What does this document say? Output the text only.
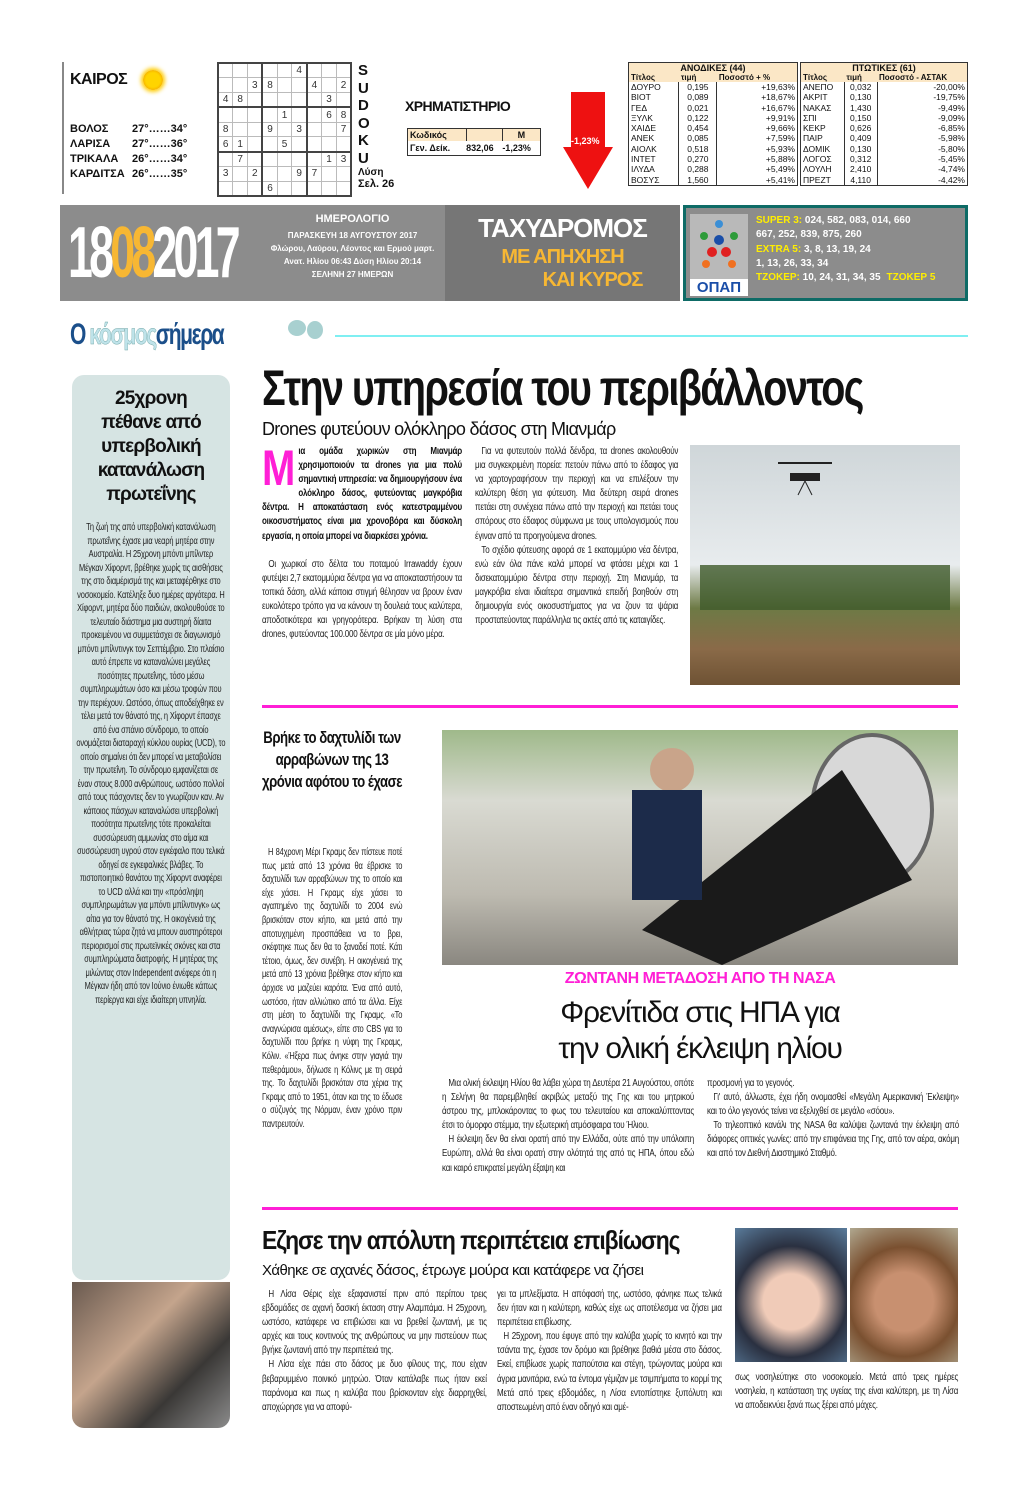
ΚΑΙΡΟΣ
ΒΟΛΟΣ	27°……34°
ΛΑΡΙΣΑ	27°……36°
ΤΡΙΚΑΛΑ	26°……34°
ΚΑΡΔΙΤΣΑ 26°……35°
					4			
		3	8			4		2
4	8						3	
				1			6	8
8			9		3			7
6	1			5				
	7						1	3
3		2			9	7		
			6					
S
U
D
O
K
U
Λύση
Σελ. 26
ΧΡΗΜΑΤΙΣΤΗΡΙΟ
Κωδικός		Μ
Γεν. Δείκ.	832,06	-1,23%
-1,23%
ΑΝΟΔΙΚΕΣ (44)		
Τίτλος	τιμή	Ποσοστό + %
ΔΟΥΡΟ	0,195	+19,63%
ΒΙΟΤ	0,089	+18,67%
ΓΕΔ	0,021	+16,67%
ΞΥΛΚ	0,122	+9,91%
ΧΑΙΔΕ	0,454	+9,66%
ΑΝΕΚ	0,085	+7,59%
ΑΙΟΛΚ	0,518	+5,93%
ΙΝΤΕΤ	0,270	+5,88%
ΙΛΥΔΑ	0,288	+5,49%
ΒΟΣΥΣ	1,560	+5,41%
ΠΤΩΤΙΚΕΣ (61)		
Τίτλος	τιμή	Ποσοστό - ΑΣΤΑΚ
ΑΝΕΠΟ	0,032	-20,00%
ΑΚΡΙΤ	0,130	-19,75%
ΝΑΚΑΣ	1,430	-9,49%
ΣΠΙ	0,150	-9,09%
ΚΕΚΡ	0,626	-6,85%
ΠΑΙΡ	0,409	-5,98%
ΔΟΜΙΚ	0,130	-5,80%
ΛΟΓΟΣ	0,312	-5,45%
ΛΟΥΛΗ	2,410	-4,74%
ΠΡΕΖΤ	4,110	-4,42%
18082017	ΗΜΕΡΟΛΟΓΙΟ
ΠΑΡΑΣΚΕΥΗ 18 ΑΥΓΟΥΣΤΟΥ 2017
Φλώρου, Λαύρου, Λέοντος και Ερμού μαρτ.
Ανατ. Ηλίου 06:43 Δύση Ηλίου 20:14
ΣΕΛΗΝΗ 27 ΗΜΕΡΩΝ
ΤΑΧΥΔΡΟΜΟΣ
ΜΕ ΑΠΗΧΗΣΗ
ΚΑΙ ΚΥΡΟΣ	ΟΠΑΠ
SUPER 3: 024, 582, 083, 014, 660
667, 252, 839, 875, 260
EXTRA 5: 3, 8, 13, 19, 24
1, 13, 26, 33, 34
ΤΖΟΚΕΡ: 10, 24, 31, 34, 35 ΤΖΟΚΕΡ 5
Ο κόσμοςσήμερα
25χρονη πέθανε από υπερβολική κατανάλωση πρωτεΐνης
Τη ζωή της από υπερβολική κατανάλωση πρωτεΐνης έχασε μια νεαρή μητέρα στην Αυστραλία. Η 25χρονη μπόντι μπίλντερ Μέγκαν Χίφορντ, βρέθηκε χωρίς τις αισθήσεις της στο διαμέρισμά της και μεταφέρθηκε στο νοσοκομείο. Κατέληξε δυο ημέρες αργότερα. Η Χίφορντ, μητέρα δύο παιδιών, ακολουθούσε το τελευταίο διάστημα μια αυστηρή δίαιτα προκειμένου να συμμετάσχει σε διαγωνισμό μπόντι μπίλντινγκ τον Σεπτέμβριο. Στο πλαίσιο αυτό έπρεπε να καταναλώνει μεγάλες ποσότητες πρωτεΐνης, τόσο μέσω συμπληρωμάτων όσο και μέσω τροφών που την περιέχουν. Ωστόσο, όπως αποδείχθηκε εν τέλει μετά τον θάνατό της, η Χίφορντ έπασχε από ένα σπάνιο σύνδρομο, το οποίο ονομάζεται διαταραχή κύκλου ουρίας (UCD), το οποίο σημαίνει ότι δεν μπορεί να μεταβολίσει την πρωτεΐνη. Το σύνδρομο εμφανίζεται σε έναν στους 8.000 ανθρώπους, ωστόσο πολλοί από τους πάσχοντες δεν το γνωρίζουν καν. Αν κάποιος πάσχων καταναλώσει υπερβολική ποσότητα πρωτεΐνης τότε προκαλείται συσσώρευση αμμωνίας στο αίμα και συσσώρευση υγρού στον εγκέφαλο που τελικά οδηγεί σε εγκεφαλικές βλάβες. Το πιστοποιητικό θανάτου της Χίφορντ αναφέρει το UCD αλλά και την «πρόσληψη συμπληρωμάτων για μπόντι μπίλντινγκ» ως αίτια για τον θάνατό της. Η οικογένειά της αθλήτριας τώρα ζητά να μπουν αυστηρότεροι περιορισμοί στις πρωτεϊνικές σκόνες και στα συμπληρώματα διατροφής. Η μητέρας της μιλώντας στον Independent ανέφερε ότι η Μέγκαν ήδη από τον Ιούνιο ένιωθε κάπως περίεργα και είχε ιδιαίτερη υπνηλία.
Στην υπηρεσία του περιβάλλοντος
Drones φυτεύουν ολόκληρο δάσος στη Μιανμάρ
Μια ομάδα χωρικών στη Μιανμάρ χρησιμοποιούν τα drones για μια πολύ σημαντική υπηρεσία: να δημιουργήσουν ένα ολόκληρο δάσος, φυτεύοντας μαγκρόβια δέντρα. Η αποκατάσταση ενός κατεστραμμένου οικοσυστήματος είναι μια χρονοβόρα και δύσκολη εργασία, η οποία μπορεί να διαρκέσει χρόνια.

Οι χωρικοί στο δέλτα του ποταμού Irrawaddy έχουν φυτέψει 2,7 εκατομμύρια δέντρα για να αποκαταστήσουν τα τοπικά δάση, αλλά κάποια στιγμή θέλησαν να βρουν έναν ευκολότερο τρόπο για να κάνουν τη δουλειά τους καλύτερα, αποδοτικότερα και γρηγορότερα. Βρήκαν τη λύση στα drones, φυτεύοντας 100.000 δέντρα σε μία μόνο μέρα.

Για να φυτευτούν πολλά δένδρα, τα drones ακολουθούν μια συγκεκριμένη πορεία: πετούν πάνω από το έδαφος για να χαρτογραφήσουν την περιοχή και να επιλέξουν την καλύτερη θέση για φύτευση. Μια δεύτερη σειρά drones πετάει στη συνέχεια πάνω από την περιοχή και πετάει τους σπόρους στο έδαφος σύμφωνα με τους υπολογισμούς που έγιναν από τα προηγούμενα drones.

Το σχέδιο φύτευσης αφορά σε 1 εκατομμύριο νέα δέντρα, ενώ εάν όλα πάνε καλά μπορεί να φτάσει μέχρι και 1 δισεκατομμύριο δέντρα στην περιοχή. Στη Μιανμάρ, τα μαγκρόβια είναι ιδιαίτερα σημαντικά επειδή βοηθούν στη δημιουργία ενός οικοσυστήματος για να ζουν τα ψάρια προστατεύοντας παράλληλα τις ακτές από τις καταιγίδες.

Βρήκε το δαχτυλίδι των αρραβώνων της 13 χρόνια αφότου το έχασε

Η 84χρονη Μέρι Γκραμς δεν πίστευε ποτέ πως μετά από 13 χρόνια θα έβρισκε το δαχτυλίδι των αρραβώνων της το οποίο και είχε χάσει. Η Γκραμς είχε χάσει το αγαπημένο της δαχτυλίδι το 2004 ενώ βρισκόταν στον κήπο, και μετά από την αποτυχημένη προσπάθεια να το βρει, σκέφτηκε πως δεν θα το ξαναδεί ποτέ. Κάτι τέτοιο, όμως, δεν συνέβη. Η οικογένειά της μετά από 13 χρόνια βρέθηκε στον κήπο και άρχισε να μαζεύει καρότα. Ένα από αυτό, ωστόσο, ήταν αλλιώτικο από τα άλλα. Είχε στη μέση το δαχτυλίδι της Γκραμς. «Το αναγνώρισα αμέσως», είπε στο CBS για το δαχτυλίδι που βρήκε η νύφη της Γκραμς, Κόλιν. «Ήξερα πως άνηκε στην γιαγιά την πεθεράμου», δήλωσε η Κόλινς με τη σειρά της. Το δαχτυλίδι βρισκόταν στα χέρια της Γκραμς από το 1951, όταν και της το έδωσε ο σύζυγός της Νόρμαν, έναν χρόνο πριν παντρευτούν.

ΖΩΝΤΑΝΗ ΜΕΤΑΔΟΣΗ ΑΠΟ ΤΗ ΝΑΣΑ
Φρενίτιδα στις ΗΠΑ για
την ολική έκλειψη ηλίου

Μια ολική έκλειψη Ηλίου θα λάβει χώρα τη Δευτέρα 21 Αυγούστου, οπότε η Σελήνη θα παρεμβληθεί ακριβώς μεταξύ της Γης και του μητρικού άστρου της, μπλοκάροντας το φως του τελευταίου και αποκαλύπτοντας έτσι το όμορφο στέμμα, την εξωτερική ατμόσφαιρα του Ήλιου.

Η έκλειψη δεν θα είναι ορατή από την Ελλάδα, ούτε από την υπόλοιπη Ευρώπη, αλλά θα είναι ορατή στην ολότητά της από τις ΗΠΑ, όπου εδώ και καιρό επικρατεί μεγάλη έξαψη και

προσμονή για το γεγονός.

Γι' αυτό, άλλωστε, έχει ήδη ονομασθεί «Μεγάλη Αμερικανική Έκλειψη» και το όλο γεγονός τείνει να εξελιχθεί σε μεγάλο «σόου».

Το τηλεοπτικό κανάλι της NASA θα καλύψει ζωντανά την έκλειψη από διάφορες οπτικές γωνίες: από την επιφάνεια της Γης, από τον αέρα, ακόμη και από τον Διεθνή Διαστημικό Σταθμό.

Εζησε την απόλυτη περιπέτεια επιβίωσης
Χάθηκε σε αχανές δάσος, έτρωγε μούρα και κατάφερε να ζήσει

Η Λίσα Θέρις είχε εξαφανιστεί πριν από περίπου τρεις εβδομάδες σε αχανή δασική έκταση στην Αλαμπάμα. Η 25χρονη, ωστόσο, κατάφερε να επιβιώσει και να βρεθεί ζωντανή, με τις αρχές και τους κοντινούς της ανθρώπους να μην πιστεύουν πως βγήκε ζωντανή από την περιπέτειά της.

Η Λίσα είχε πάει στο δάσος με δυο φίλους της, που είχαν βεβαρυμμένο ποινικό μητρώο. Όταν κατάλαβε πως ήταν εκεί παράνομα και πως η καλύβα που βρίσκονταν είχε διαρρηχθεί, αποχώρησε για να αποφύ-

γει τα μπλεξίματα. Η απόφασή της, ωστόσο, φάνηκε πως τελικά δεν ήταν και η καλύτερη, καθώς είχε ως αποτέλεσμα να ζήσει μια περιπέτεια επιβίωσης.

Η 25χρονη, που έφυγε από την καλύβα χωρίς το κινητό και την τσάντα της, έχασε τον δρόμο και βρέθηκε βαθιά μέσα στο δάσος. Εκεί, επιβίωσε χωρίς παπούτσια και στέγη, τρώγοντας μούρα και άγρια μανιτάρια, ενώ τα έντομα γέμιζαν με τσιμπήματα το κορμί της Μετά από τρεις εβδομάδες, η Λίσα εντοπίστηκε ξυπόλυτη και αποστεωμένη από έναν οδηγό και αμέ-

σως νοσηλεύτηκε στο νοσοκομείο. Μετά από τρεις ημέρες νοσηλεία, η κατάσταση της υγείας της είναι καλύτερη, με τη Λίσα να αποδεικνύει ξανά πως ξέρει από μάχες.
